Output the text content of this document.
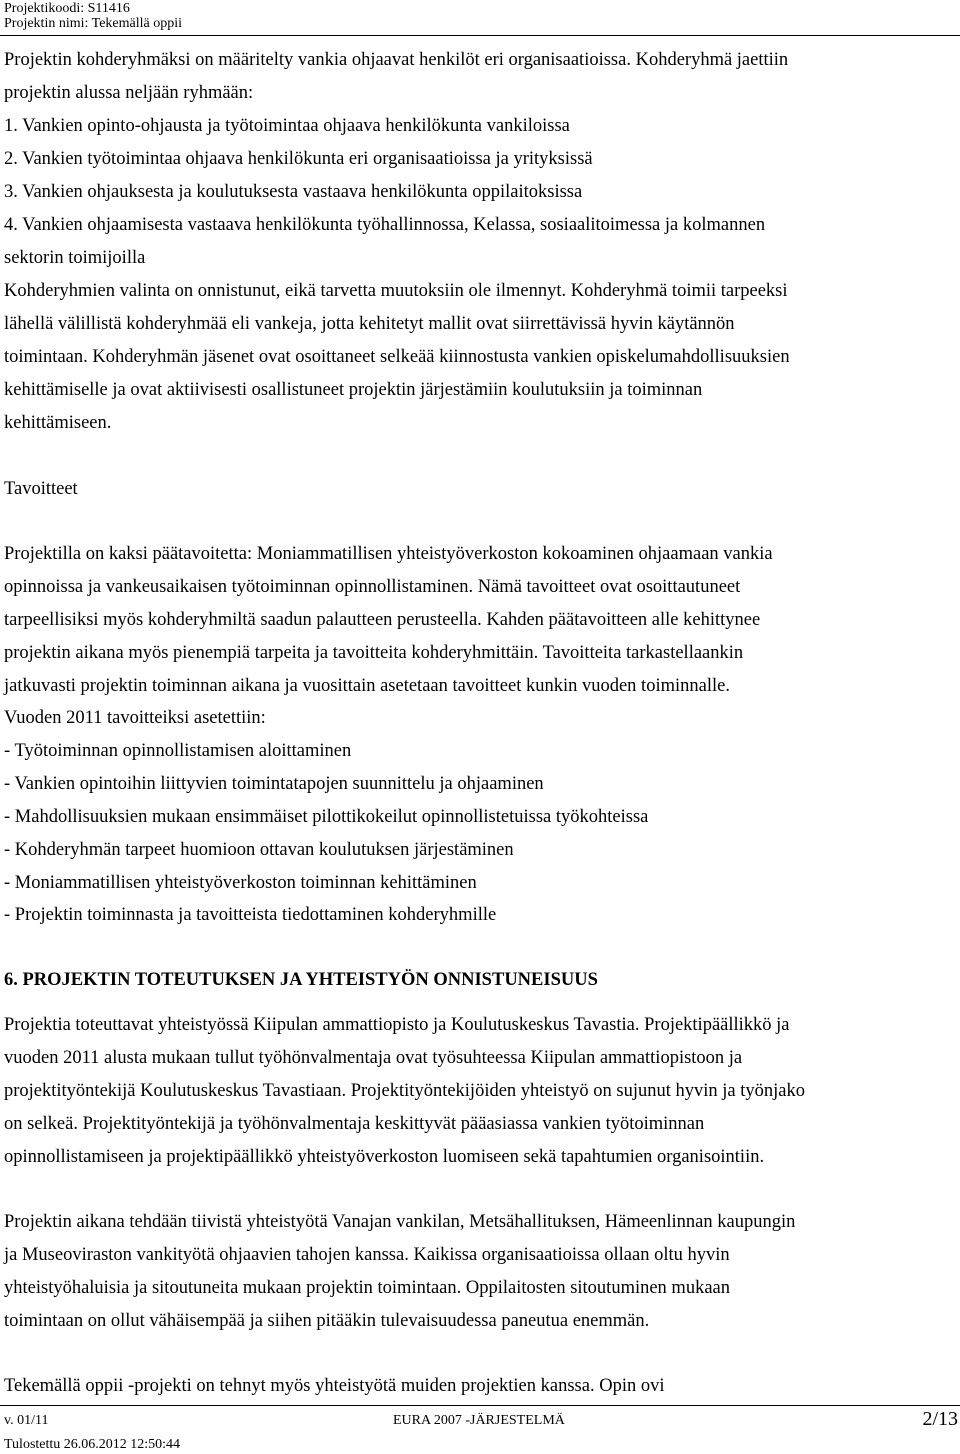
Projektikoodi: S11416
Projektin nimi: Tekemällä oppii
Projektin kohderyhmäksi on määritelty vankia ohjaavat henkilöt eri organisaatioissa. Kohderyhmä jaettiin
projektin alussa neljään ryhmään:
1. Vankien opinto-ohjausta ja työtoimintaa ohjaava henkilökunta vankiloissa
2. Vankien työtoimintaa ohjaava henkilökunta eri organisaatioissa ja yrityksissä
3. Vankien ohjauksesta ja koulutuksesta vastaava henkilökunta oppilaitoksissa
4. Vankien ohjaamisesta vastaava henkilökunta työhallinnossa, Kelassa, sosiaalitoimessa ja kolmannen
sektorin toimijoilla
Kohderyhmien valinta on onnistunut, eikä tarvetta muutoksiin ole ilmennyt. Kohderyhmä toimii tarpeeksi
lähellä välillistä kohderyhmää eli vankeja, jotta kehitetyt mallit ovat siirrettävissä hyvin käytännön
toimintaan. Kohderyhmän jäsenet ovat osoittaneet selkeää kiinnostusta vankien opiskelumahdollisuuksien
kehittämiselle ja ovat aktiivisesti osallistuneet projektin järjestämiin koulutuksiin ja toiminnan
kehittämiseen.
Tavoitteet
Projektilla on kaksi päätavoitetta: Moniammatillisen yhteistyöverkoston kokoaminen ohjaamaan vankia
opinnoissa ja vankeusaikaisen työtoiminnan opinnollistaminen. Nämä tavoitteet ovat osoittautuneet
tarpeellisiksi myös kohderyhmiltä saadun palautteen perusteella. Kahden päätavoitteen alle kehittynee
projektin aikana myös pienempiä tarpeita ja tavoitteita kohderyhmittäin. Tavoitteita tarkastellaankin
jatkuvasti projektin toiminnan aikana ja vuosittain asetetaan tavoitteet kunkin vuoden toiminnalle.
Vuoden 2011 tavoitteiksi asetettiin:
- Työtoiminnan opinnollistamisen aloittaminen
- Vankien opintoihin liittyvien toimintatapojen suunnittelu ja ohjaaminen
- Mahdollisuuksien mukaan ensimmäiset pilottikokeilut opinnollistetuissa työkohteissa
- Kohderyhmän tarpeet huomioon ottavan koulutuksen järjestäminen
- Moniammatillisen yhteistyöverkoston toiminnan kehittäminen
- Projektin toiminnasta ja tavoitteista tiedottaminen kohderyhmille
6. PROJEKTIN TOTEUTUKSEN JA YHTEISTYÖN ONNISTUNEISUUS
Projektia toteuttavat yhteistyössä Kiipulan ammattiopisto ja Koulutuskeskus Tavastia. Projektipäällikkö ja
vuoden 2011 alusta mukaan tullut työhönvalmentaja ovat työsuhteessa Kiipulan ammattiopistoon ja
projektityöntekijä Koulutuskeskus Tavastiaan. Projektityöntekijöiden yhteistyö on sujunut hyvin ja työnjako
on selkeä. Projektityöntekijä ja työhönvalmentaja keskittyvät pääasiassa vankien työtoiminnan
opinnollistamiseen ja projektipäällikkö yhteistyöverkoston luomiseen sekä tapahtumien organisointiin.
Projektin aikana tehdään tiivistä yhteistyötä Vanajan vankilan, Metsähallituksen, Hämeenlinnan kaupungin
ja Museoviraston vankityötä ohjaavien tahojen kanssa. Kaikissa organisaatioissa ollaan oltu hyvin
yhteistyöhaluisia ja sitoutuneita mukaan projektin toimintaan. Oppilaitosten sitoutuminen mukaan
toimintaan on ollut vähäisempää ja siihen pitääkin tulevaisuudessa paneutua enemmän.
Tekemällä oppii -projekti on tehnyt myös yhteistyötä muiden projektien kanssa. Opin ovi
v. 01/11	EURA 2007 -JÄRJESTELMÄ	2/13
Tulostettu 26.06.2012 12:50:44
